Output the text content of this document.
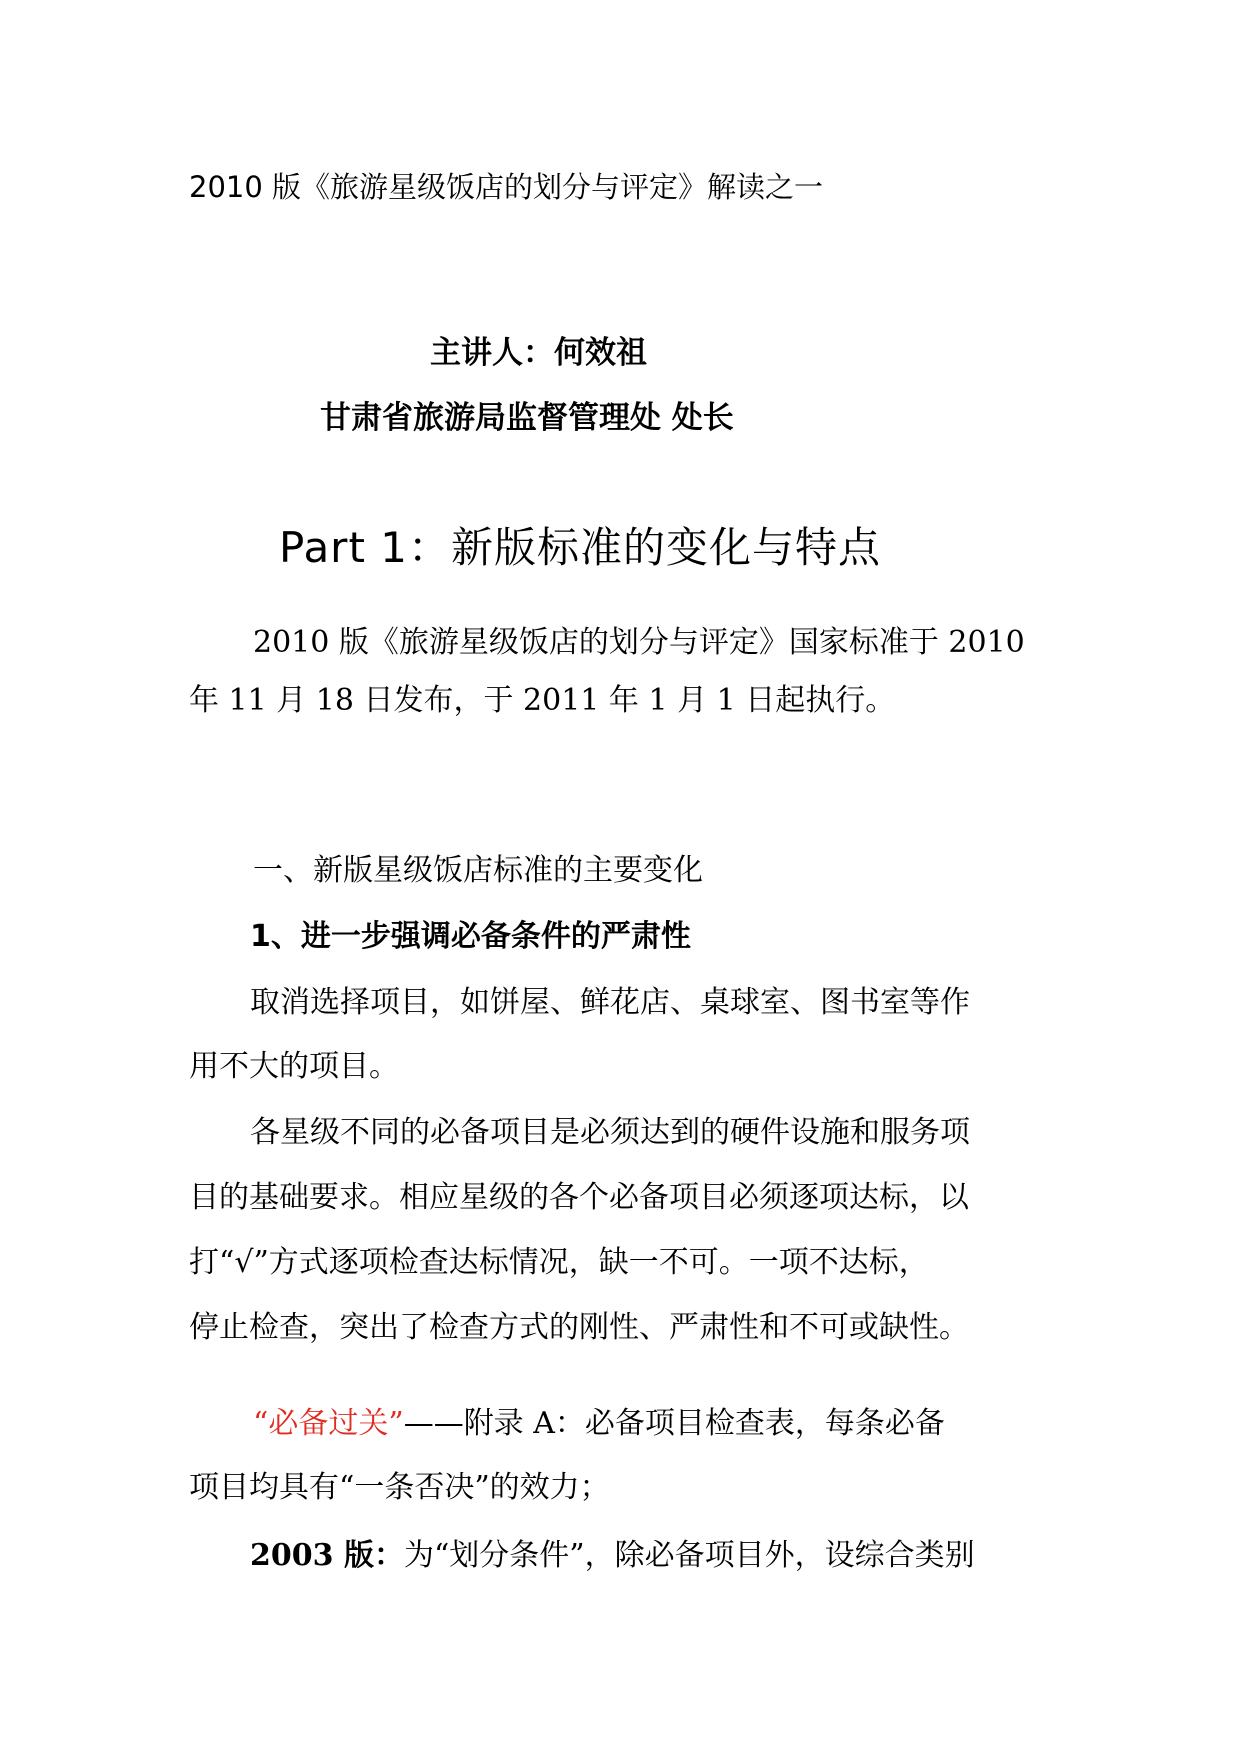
2010 版《旅游星级饭店的划分与评定》解读之一

主讲人：何效祖

甘肃省旅游局监督管理处 处长

Part 1：新版标准的变化与特点

2010 版《旅游星级饭店的划分与评定》国家标准于 2010

年 11 月 18 日发布，于 2011 年 1 月 1 日起执行。

一、新版星级饭店标准的主要变化

1、进一步强调必备条件的严肃性

取消选择项目，如饼屋、鲜花店、桌球室、图书室等作

用不大的项目。

各星级不同的必备项目是必须达到的硬件设施和服务项

目的基础要求。相应星级的各个必备项目必须逐项达标，以

打“√”方式逐项检查达标情况，缺一不可。一项不达标，

停止检查，突出了检查方式的刚性、严肃性和不可或缺性。

“必备过关”——附录 A：必备项目检查表，每条必备

项目均具有“一条否决”的效力；

2003 版：为“划分条件”，除必备项目外，设综合类别
